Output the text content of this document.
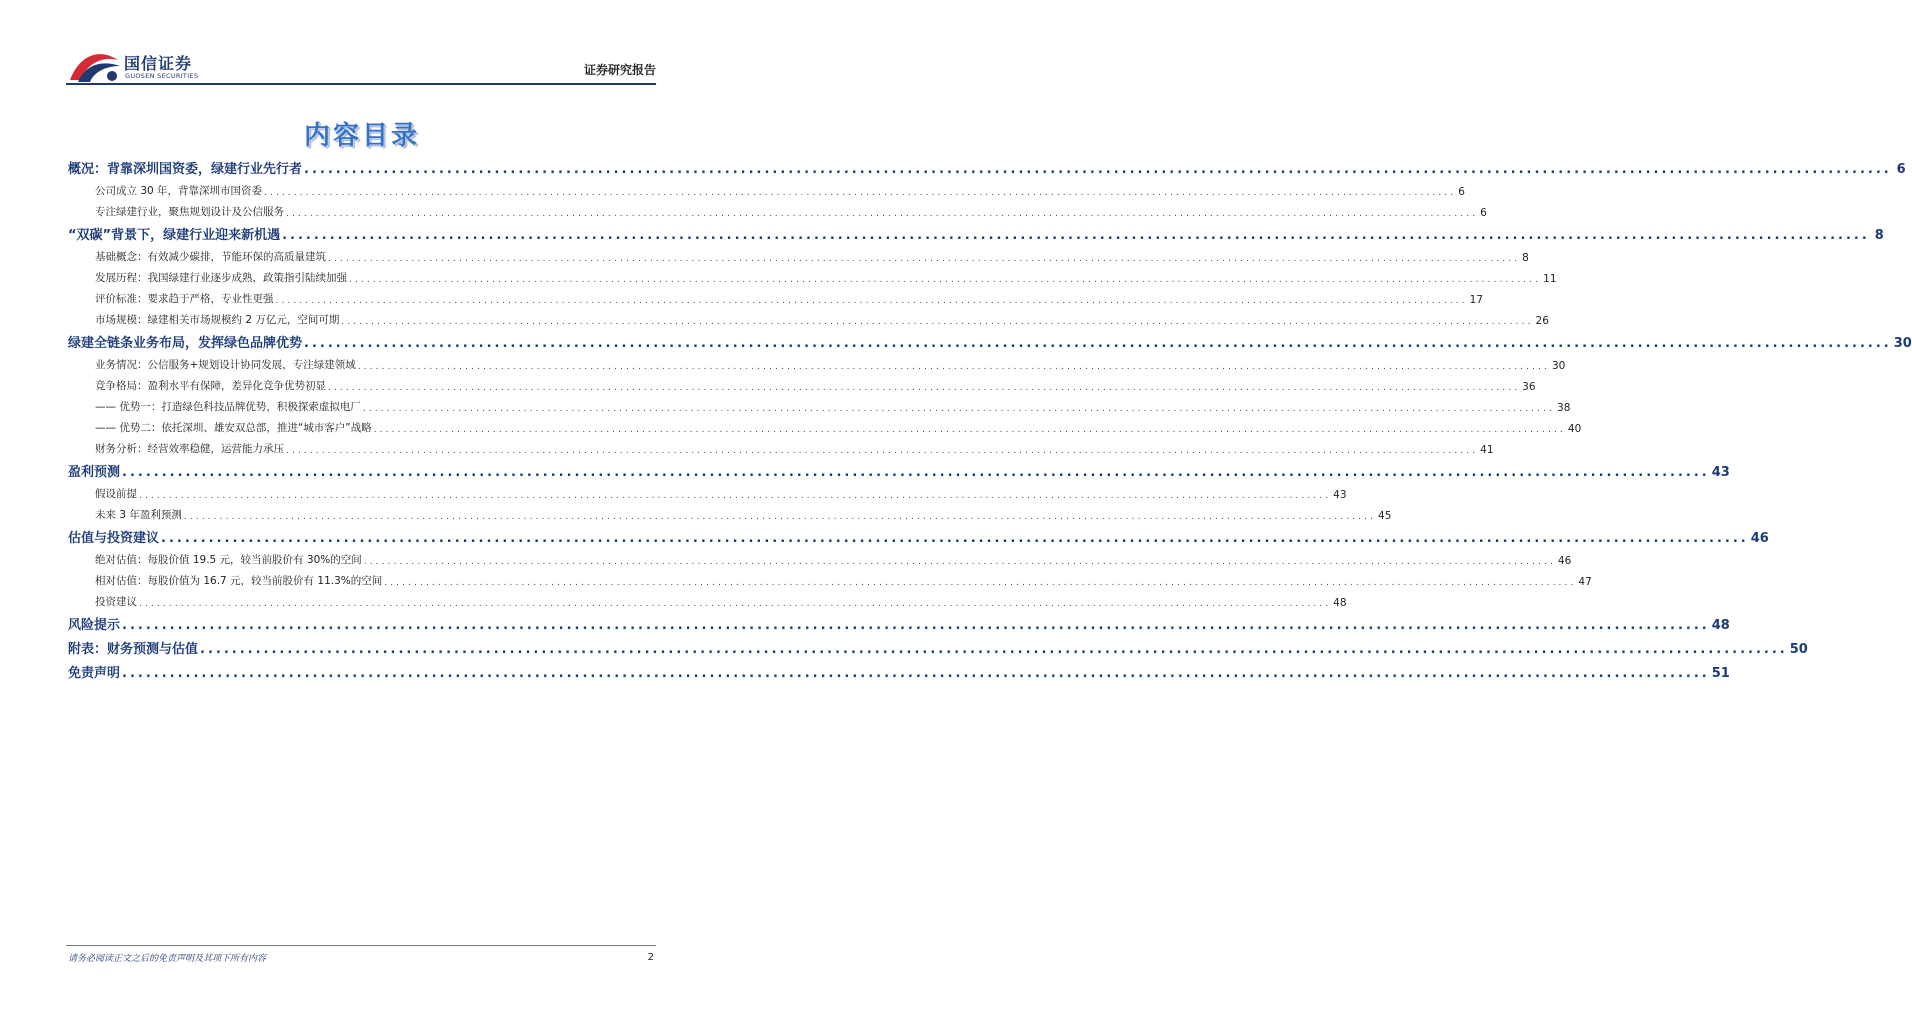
国信证券
GUOSEN SECURITIES	证券研究报告
内容目录
概况：背靠深圳国资委，绿建行业先行者 ........................................................................................................................................................................................................ 6
公司成立 30 年，背靠深圳市国资委 ........................................................................................................................................................................................................ 6
专注绿建行业，聚焦规划设计及公信服务 ........................................................................................................................................................................................................ 6
“双碳”背景下，绿建行业迎来新机遇 ........................................................................................................................................................................................................ 8
基础概念：有效减少碳排，节能环保的高质量建筑 ........................................................................................................................................................................................................ 8
发展历程：我国绿建行业逐步成熟，政策指引陆续加强 ........................................................................................................................................................................................................ 11
评价标准：要求趋于严格，专业性更强 ........................................................................................................................................................................................................ 17
市场规模：绿建相关市场规模约 2 万亿元，空间可期 ........................................................................................................................................................................................................ 26
绿建全链条业务布局，发挥绿色品牌优势 ........................................................................................................................................................................................................ 30
业务情况：公信服务+规划设计协同发展，专注绿建领域 ........................................................................................................................................................................................................ 30
竞争格局：盈利水平有保障，差异化竞争优势初显 ........................................................................................................................................................................................................ 36
—— 优势一：打造绿色科技品牌优势，积极探索虚拟电厂 ........................................................................................................................................................................................................ 38
—— 优势二：依托深圳、雄安双总部，推进“城市客户”战略 ........................................................................................................................................................................................................ 40
财务分析：经营效率稳健，运营能力承压 ........................................................................................................................................................................................................ 41
盈利预测 ........................................................................................................................................................................................................ 43
假设前提 ........................................................................................................................................................................................................ 43
未来 3 年盈利预测 ........................................................................................................................................................................................................ 45
估值与投资建议 ........................................................................................................................................................................................................ 46
绝对估值：每股价值 19.5 元，较当前股价有 30%的空间 ........................................................................................................................................................................................................ 46
相对估值：每股价值为 16.7 元，较当前股价有 11.3%的空间 ........................................................................................................................................................................................................ 47
投资建议 ........................................................................................................................................................................................................ 48
风险提示 ........................................................................................................................................................................................................ 48
附表：财务预测与估值 ........................................................................................................................................................................................................ 50
免责声明 ........................................................................................................................................................................................................ 51
请务必阅读正文之后的免责声明及其项下所有内容	2
